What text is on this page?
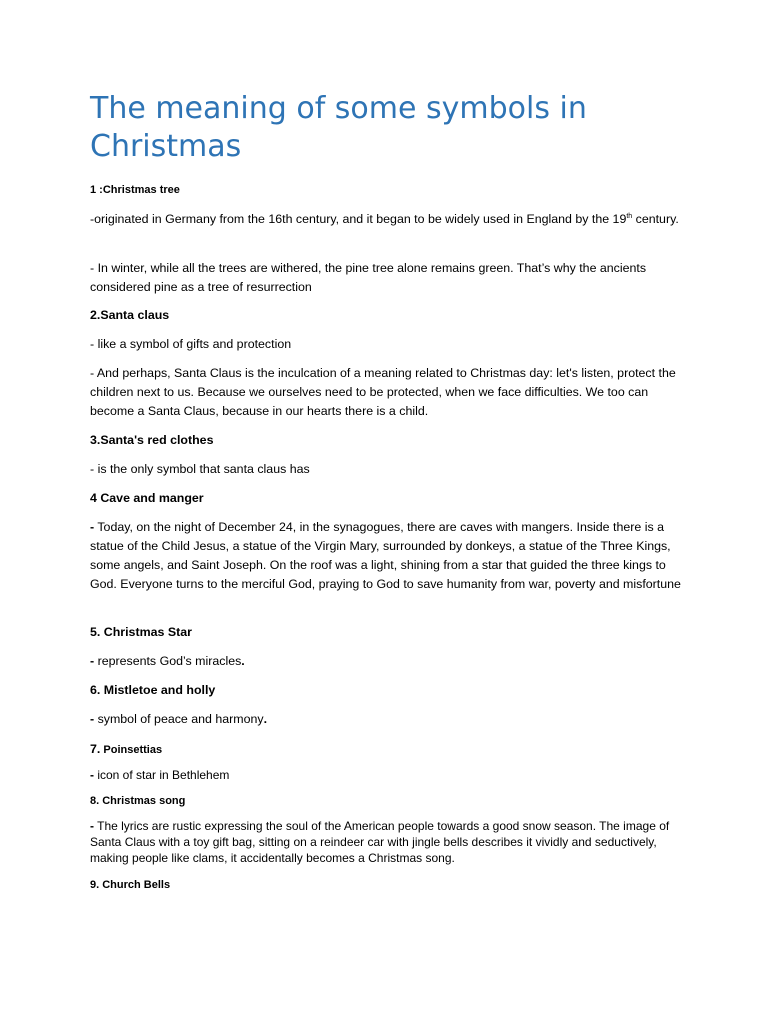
The meaning of some symbols in Christmas
1 :Christmas tree

-originated in Germany from the 16th century, and it began to be widely used in England by the 19th century.

- In winter, while all the trees are withered, the pine tree alone remains green. That’s why the ancients considered pine as a tree of resurrection

2.Santa claus

- like a symbol of gifts and protection

- And perhaps, Santa Claus is the inculcation of a meaning related to Christmas day: let's listen, protect the children next to us. Because we ourselves need to be protected, when we face difficulties. We too can become a Santa Claus, because in our hearts there is a child.

3.Santa's red clothes

- is the only symbol that santa claus has

4 Cave and manger

- Today, on the night of December 24, in the synagogues, there are caves with mangers. Inside there is a statue of the Child Jesus, a statue of the Virgin Mary, surrounded by donkeys, a statue of the Three Kings, some angels, and Saint Joseph. On the roof was a light, shining from a star that guided the three kings to God. Everyone turns to the merciful God, praying to God to save humanity from war, poverty and misfortune

5. Christmas Star

- represents God’s miracles.

6. Mistletoe and holly

- symbol of peace and harmony.

7. Poinsettias

- icon of star in Bethlehem

8. Christmas song

- The lyrics are rustic expressing the soul of the American people towards a good snow season. The image of Santa Claus with a toy gift bag, sitting on a reindeer car with jingle bells describes it vividly and seductively, making people like clams, it accidentally becomes a Christmas song.

9. Church Bells
